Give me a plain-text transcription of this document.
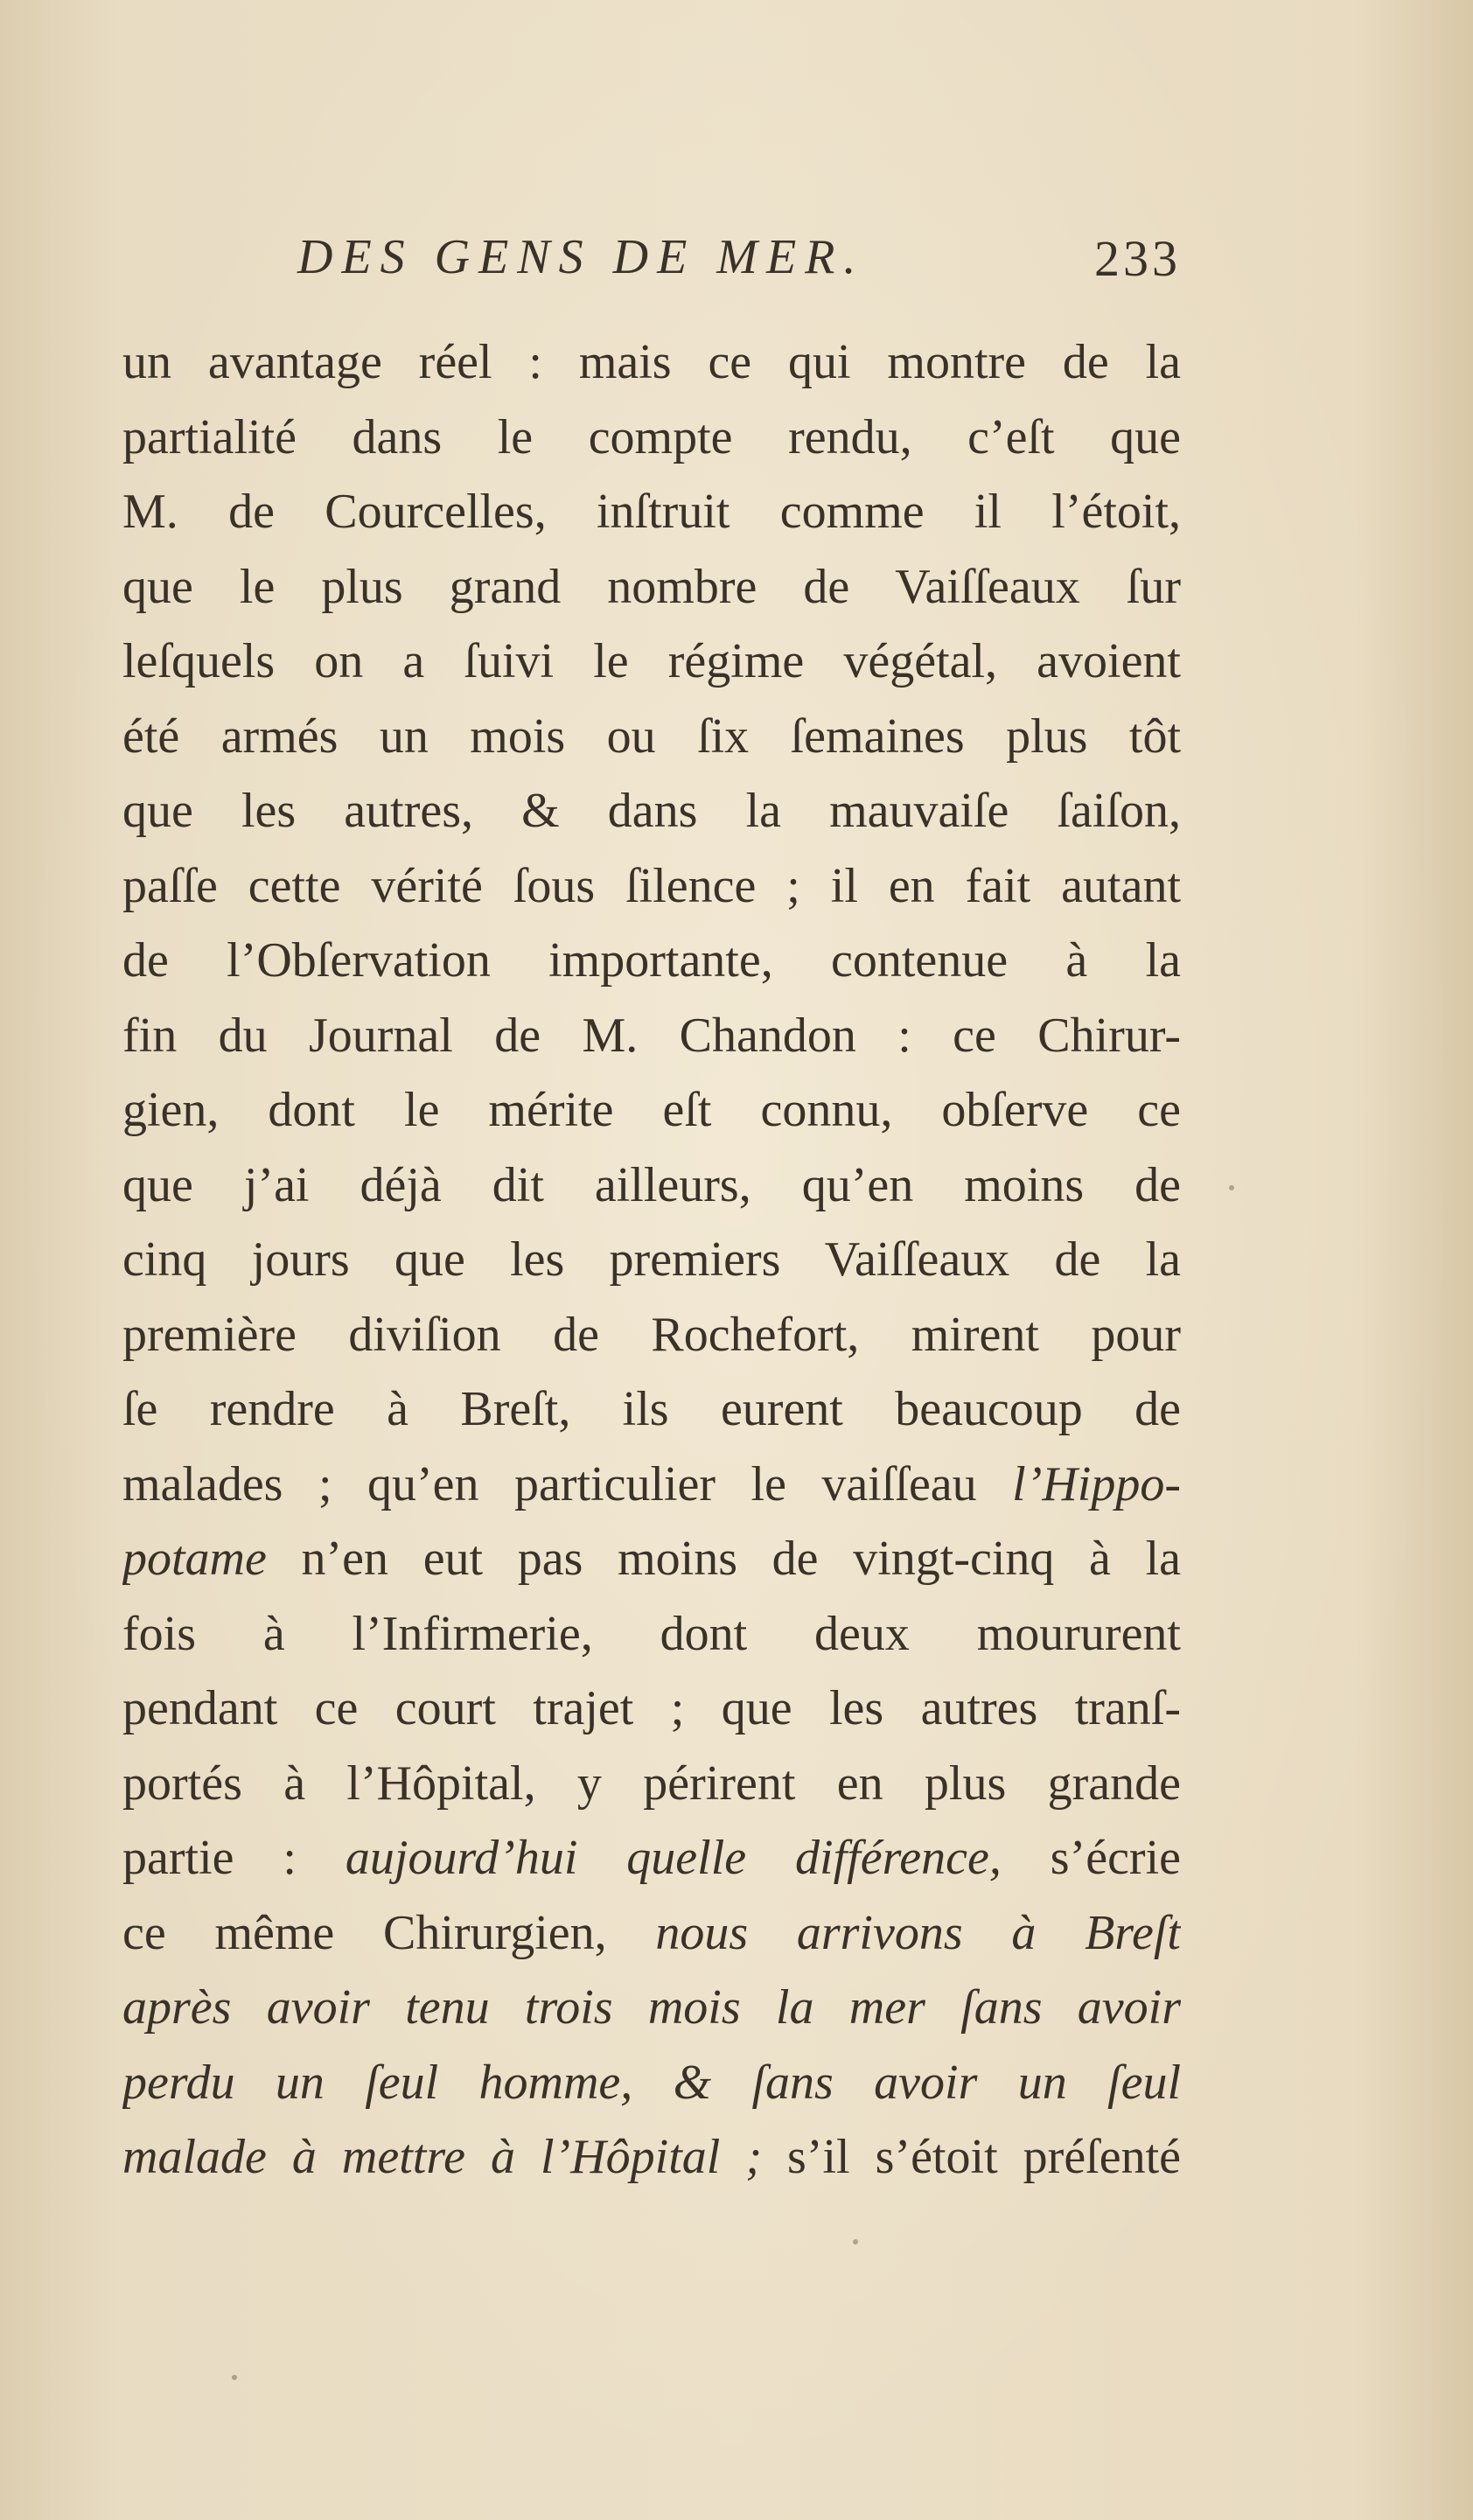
DES GENS DE MER.	233
un avantage réel : mais ce qui montre de la
partialité dans le compte rendu, c’eſt que
M. de Courcelles, inſtruit comme il l’étoit,
que le plus grand nombre de Vaiſſeaux ſur
leſquels on a ſuivi le régime végétal, avoient
été armés un mois ou ſix ſemaines plus tôt
que les autres, & dans la mauvaiſe ſaiſon,
paſſe cette vérité ſous ſilence ; il en fait autant
de l’Obſervation importante, contenue à la
fin du Journal de M. Chandon : ce Chirur-
gien, dont le mérite eſt connu, obſerve ce
que j’ai déjà dit ailleurs, qu’en moins de
cinq jours que les premiers Vaiſſeaux de la
première diviſion de Rochefort, mirent pour
ſe rendre à Breſt, ils eurent beaucoup de
malades ; qu’en particulier le vaiſſeau l’Hippo-
potame n’en eut pas moins de vingt-cinq à la
fois à l’Infirmerie, dont deux moururent
pendant ce court trajet ; que les autres tranſ-
portés à l’Hôpital, y périrent en plus grande
partie : aujourd’hui quelle différence, s’écrie
ce même Chirurgien, nous arrivons à Breſt
après avoir tenu trois mois la mer ſans avoir
perdu un ſeul homme, & ſans avoir un ſeul
malade à mettre à l’Hôpital ; s’il s’étoit préſenté
